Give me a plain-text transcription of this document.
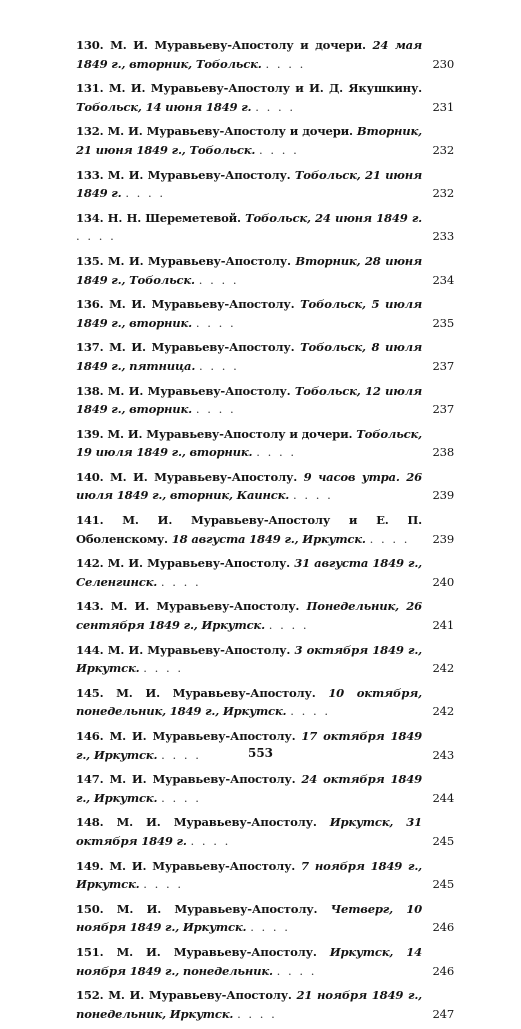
130. М. И. Муравьеву-Апостолу и дочери. 24 мая 1849 г., вторник, Тобольск. . . . .	230
131. М. И. Муравьеву-Апостолу и И. Д. Якушкину. Тобольск, 14 июня 1849 г. . . . .	231
132. М. И. Муравьеву-Апостолу и дочери. Вторник, 21 июня 1849 г., Тобольск. . . . .	232
133. М. И. Муравьеву-Апостолу. Тобольск, 21 июня 1849 г. . . . .	232
134. Н. Н. Шереметевой. Тобольск, 24 июня 1849 г. . . . .	233
135. М. И. Муравьеву-Апостолу. Вторник, 28 июня 1849 г., Тобольск. . . . .	234
136. М. И. Муравьеву-Апостолу. Тобольск, 5 июля 1849 г., вторник. . . . .	235
137. М. И. Муравьеву-Апостолу. Тобольск, 8 июля 1849 г., пятница. . . . .	237
138. М. И. Муравьеву-Апостолу. Тобольск, 12 июля 1849 г., вторник. . . . .	237
139. М. И. Муравьеву-Апостолу и дочери. Тобольск, 19 июля 1849 г., вторник. . . . .	238
140. М. И. Муравьеву-Апостолу. 9 часов утра. 26 июля 1849 г., вторник, Каинск. . . . .	239
141. М. И. Муравьеву-Апостолу и Е. П. Оболенскому. 18 августа 1849 г., Иркутск. . . . . 239
142. М. И. Муравьеву-Апостолу. 31 августа 1849 г., Селенгинск. . . . .	240
143. М. И. Муравьеву-Апостолу. Понедельник, 26 сентября 1849 г., Иркутск. . . . .	241
144. М. И. Муравьеву-Апостолу. 3 октября 1849 г., Иркутск. . . . .	242
145. М. И. Муравьеву-Апостолу. 10 октября, понедельник, 1849 г., Иркутск. . . . .	242
146. М. И. Муравьеву-Апостолу. 17 октября 1849 г., Иркутск. . . . .	243
147. М. И. Муравьеву-Апостолу. 24 октября 1849 г., Иркутск. . . . .	244
148. М. И. Муравьеву-Апостолу. Иркутск, 31 октября 1849 г. . . . .	245
149. М. И. Муравьеву-Апостолу. 7 ноября 1849 г., Иркутск. . . . .	245
150. М. И. Муравьеву-Апостолу. Четверг, 10 ноября 1849 г., Иркутск. . . . .	246
151. М. И. Муравьеву-Апостолу. Иркутск, 14 ноября 1849 г., понедельник. . . . .	246
152. М. И. Муравьеву-Апостолу. 21 ноября 1849 г., понедельник, Иркутск. . . . .	247
553
